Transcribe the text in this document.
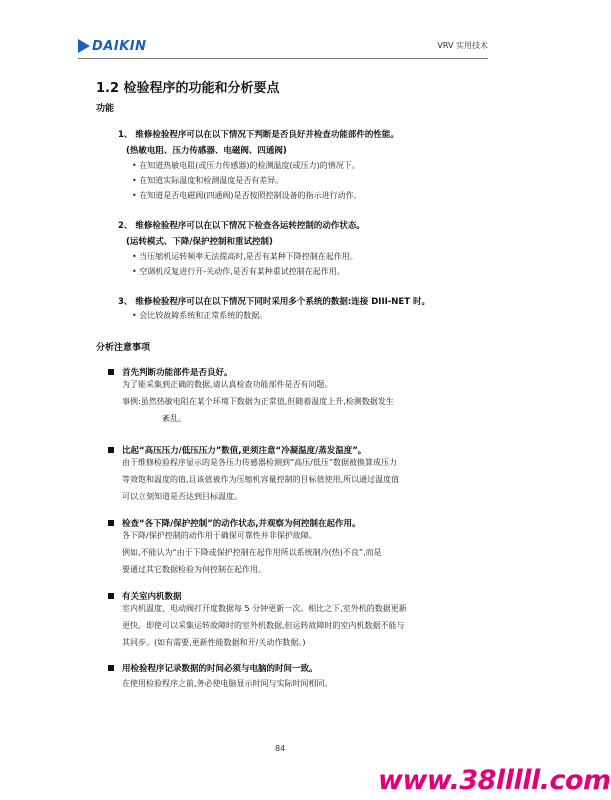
DAIKIN	VRV 实用技术
1.2 检验程序的功能和分析要点
功能
1、 维修检验程序可以在以下情况下判断是否良好并检查功能部件的性能。
(热敏电阻、压力传感器、电磁阀、四通阀)
• 在知道热敏电阻(或压力传感器)的检测温度(或压力)的情况下。
• 在知道实际温度和检测温度是否有差异。
• 在知道是否电磁阀(四通阀)是否按照控制设备的指示进行动作。
2、 维修检验程序可以在以下情况下检查各运转控制的动作状态。
(运转模式、下降/保护控制和重试控制)
• 当压缩机运转频率无法提高时,是否有某种下降控制在起作用。
• 空调机反复进行开-关动作,是否有某种重试控制在起作用。
3、 维修检验程序可以在以下情况下同时采用多个系统的数据:连接 DIII-NET 时。
• 会比较故障系统和正常系统的数据。
分析注意事项
首先判断功能部件是否良好。
为了能采集到正确的数据,请认真检查功能部件是否有问题。
事例:虽然热敏电阻在某个环境下数据为正常值,但随着温度上升,检测数据发生
紊乱。
比起“高压压力/低压压力”数值,更须注意“冷凝温度/蒸发温度”。
由于维修检验程序显示的是各压力传感器检测到“高压/低压”数据被换算成压力
等效饱和温度的值,且该值被作为压缩机容量控制的目标值使用,所以通过温度值
可以立刻知道是否达到目标温度。
检查“各下降/保护控制”的动作状态,并观察为何控制在起作用。
各下降/保护控制的动作用于确保可靠性并非保护故障。
例如,不能认为“由于下降或保护控制在起作用所以系统制冷(热)不良”,而是
要通过其它数据检验为何控制在起作用。
有关室内机数据
室内机温度、电动阀打开度数据每 5 分钟更新一次。相比之下,室外机的数据更新
更快。即使可以采集运转故障时的室外机数据,但运转故障时的室内机数据不能与
其同步。(如有需要,更新性能数据和开/关动作数据。)
用检验程序记录数据的时间必须与电脑的时间一致。
在使用检验程序之前,务必使电脑显示时间与实际时间相同。
84
www.38lllll.com
